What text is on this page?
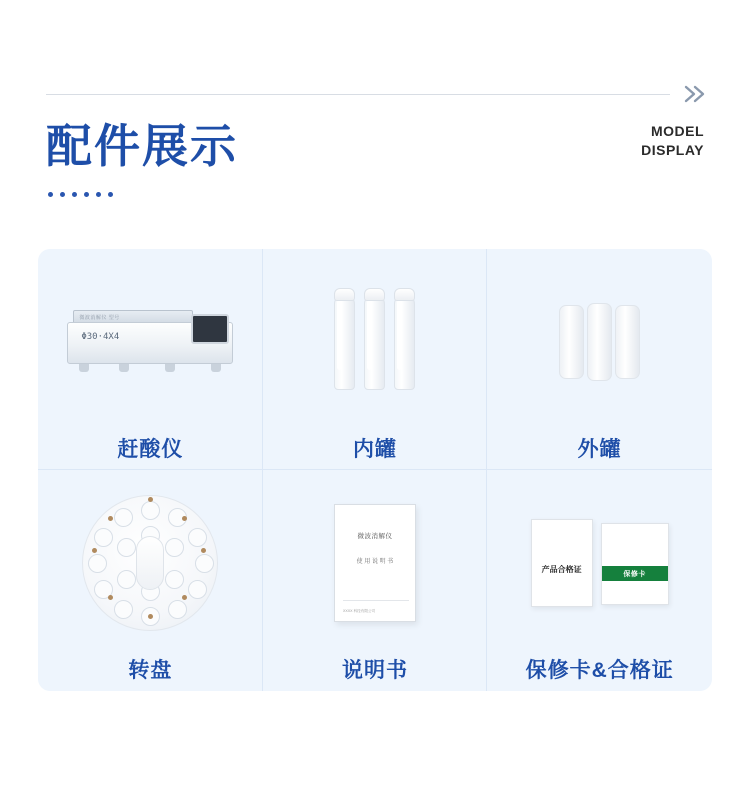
配件展示	MODEL
DISPLAY
微波消解仪 型号
Φ30·4X4
赶酸仪	内罐	外罐
转盘
微波消解仪
使 用 说 明 书
XXXX 科技有限公司
说明书
产品合格证	保修卡
保修卡&合格证
